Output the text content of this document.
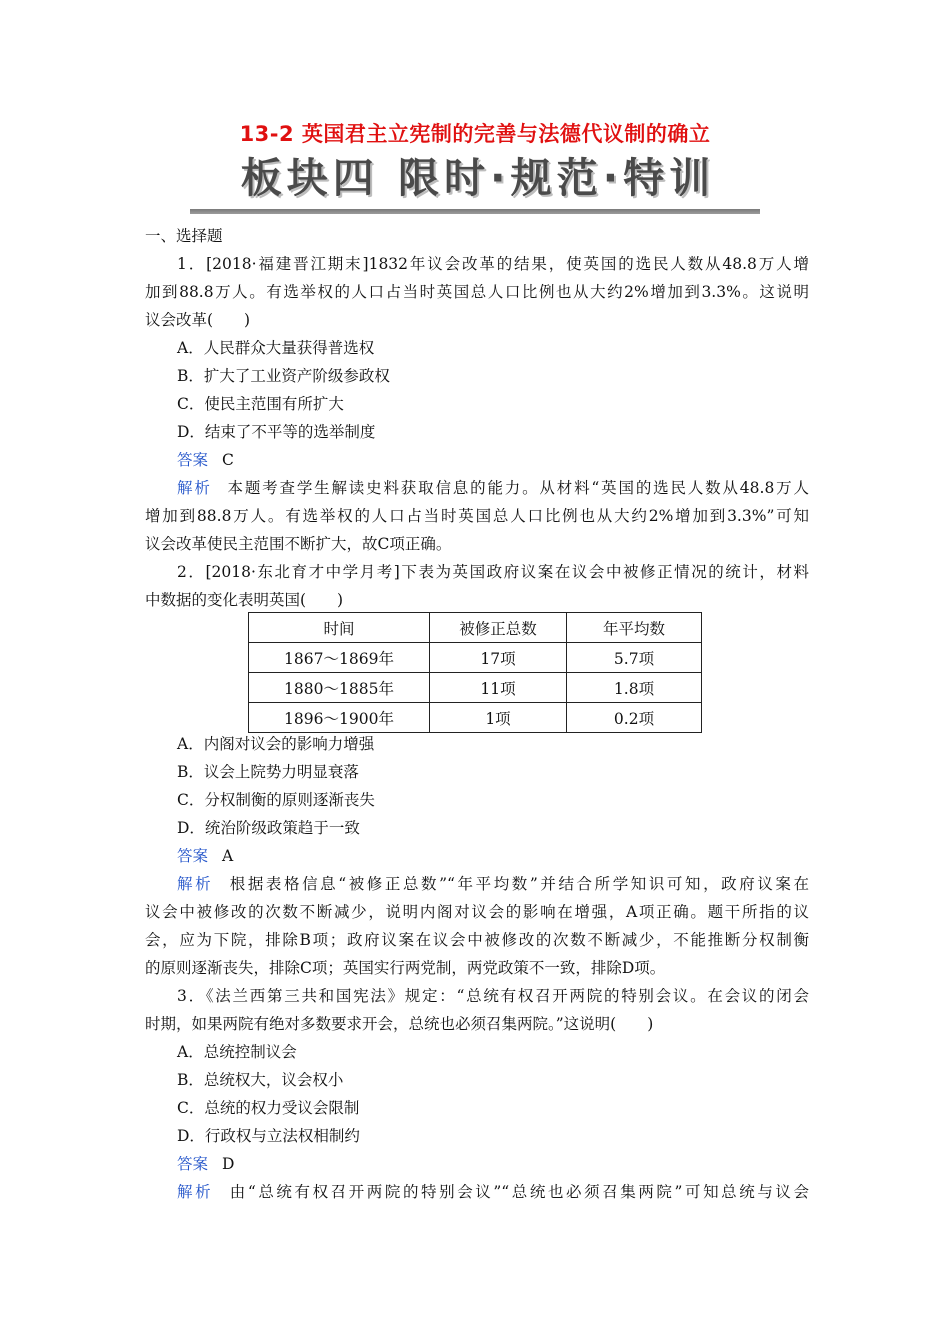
13-2 英国君主立宪制的完善与法德代议制的确立
板块四 限时·规范·特训
一、选择题
1．[2018·福建晋江期末]1832年议会改革的结果，使英国的选民人数从48.8万人增
加到88.8万人。有选举权的人口占当时英国总人口比例也从大约2%增加到3.3%。这说明
议会改革(　　)
A．人民群众大量获得普选权
B．扩大了工业资产阶级参政权
C．使民主范围有所扩大
D．结束了不平等的选举制度
答案 C
解析 本题考查学生解读史料获取信息的能力。从材料“英国的选民人数从48.8万人
增加到88.8万人。有选举权的人口占当时英国总人口比例也从大约2%增加到3.3%”可知
议会改革使民主范围不断扩大，故C项正确。
2．[2018·东北育才中学月考]下表为英国政府议案在议会中被修正情况的统计，材料
中数据的变化表明英国(　　)
时间	被修正总数	年平均数
1867～1869年	17项	5.7项
1880～1885年	11项	1.8项
1896～1900年	1项	0.2项
A．内阁对议会的影响力增强
B．议会上院势力明显衰落
C．分权制衡的原则逐渐丧失
D．统治阶级政策趋于一致
答案 A
解析 根据表格信息“被修正总数”“年平均数”并结合所学知识可知，政府议案在
议会中被修改的次数不断减少，说明内阁对议会的影响在增强，A项正确。题干所指的议
会，应为下院，排除B项；政府议案在议会中被修改的次数不断减少，不能推断分权制衡
的原则逐渐丧失，排除C项；英国实行两党制，两党政策不一致，排除D项。
3．《法兰西第三共和国宪法》规定：“总统有权召开两院的特别会议。在会议的闭会
时期，如果两院有绝对多数要求开会，总统也必须召集两院。”这说明(　　)
A．总统控制议会
B．总统权大，议会权小
C．总统的权力受议会限制
D．行政权与立法权相制约
答案 D
解析 由“总统有权召开两院的特别会议”“总统也必须召集两院”可知总统与议会
